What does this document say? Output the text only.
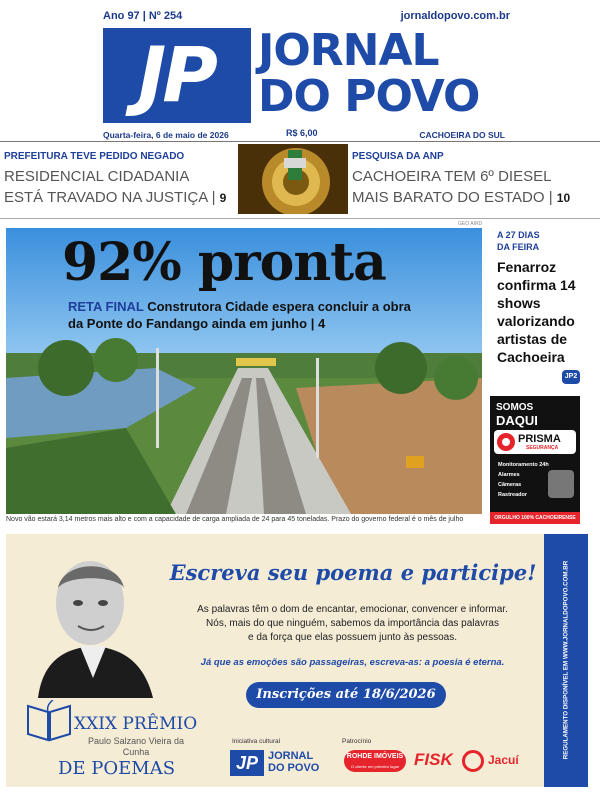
Ano 97 | Nº 254	jornaldopovo.com.br
JP	JORNAL
DO POVO
Quarta-feira, 6 de maio de 2026	R$ 6,00	CACHOEIRA DO SUL
PREFEITURA TEVE PEDIDO NEGADO
RESIDENCIAL CIDADANIA
ESTÁ TRAVADO NA JUSTIÇA | 9
PESQUISA DA ANP
CACHOEIRA TEM 6º DIESEL
MAIS BARATO DO ESTADO | 10
GEO AIRD
92% pronta
RETA FINAL Construtora Cidade espera concluir a obra da Ponte do Fandango ainda em junho | 4
Novo vão estará 3,14 metros mais alto e com a capacidade de carga ampliada de 24 para 45 toneladas. Prazo do governo federal é o mês de julho
A 27 DIAS
DA FEIRA
Fenarroz confirma 14 shows valorizando artistas de Cachoeira
JP2
SOMOS
DAQUI
PRISMA
SEGURANÇA
Monitoramento 24h
Alarmes
Câmeras
Rastreador
ORGULHO 100% CACHOEIRENSE
REGULAMENTO DISPONÍVEL EM WWW.JORNALDOPOVO.COM.BR
XXIX PRÊMIO
Paulo Salzano Vieira da Cunha
DE POEMAS
Escreva seu poema e participe!
As palavras têm o dom de encantar, emocionar, convencer e informar.
Nós, mais do que ninguém, sabemos da importância das palavras
e da força que elas possuem junto às pessoas.
Já que as emoções são passageiras, escreva-as: a poesia é eterna.
Inscrições até 18/6/2026
Iniciativa cultural
JP JORNAL
DO POVO
Patrocínio
ROHDE IMÓVEIS
O cliente em primeiro lugar FISK	Jacuí
